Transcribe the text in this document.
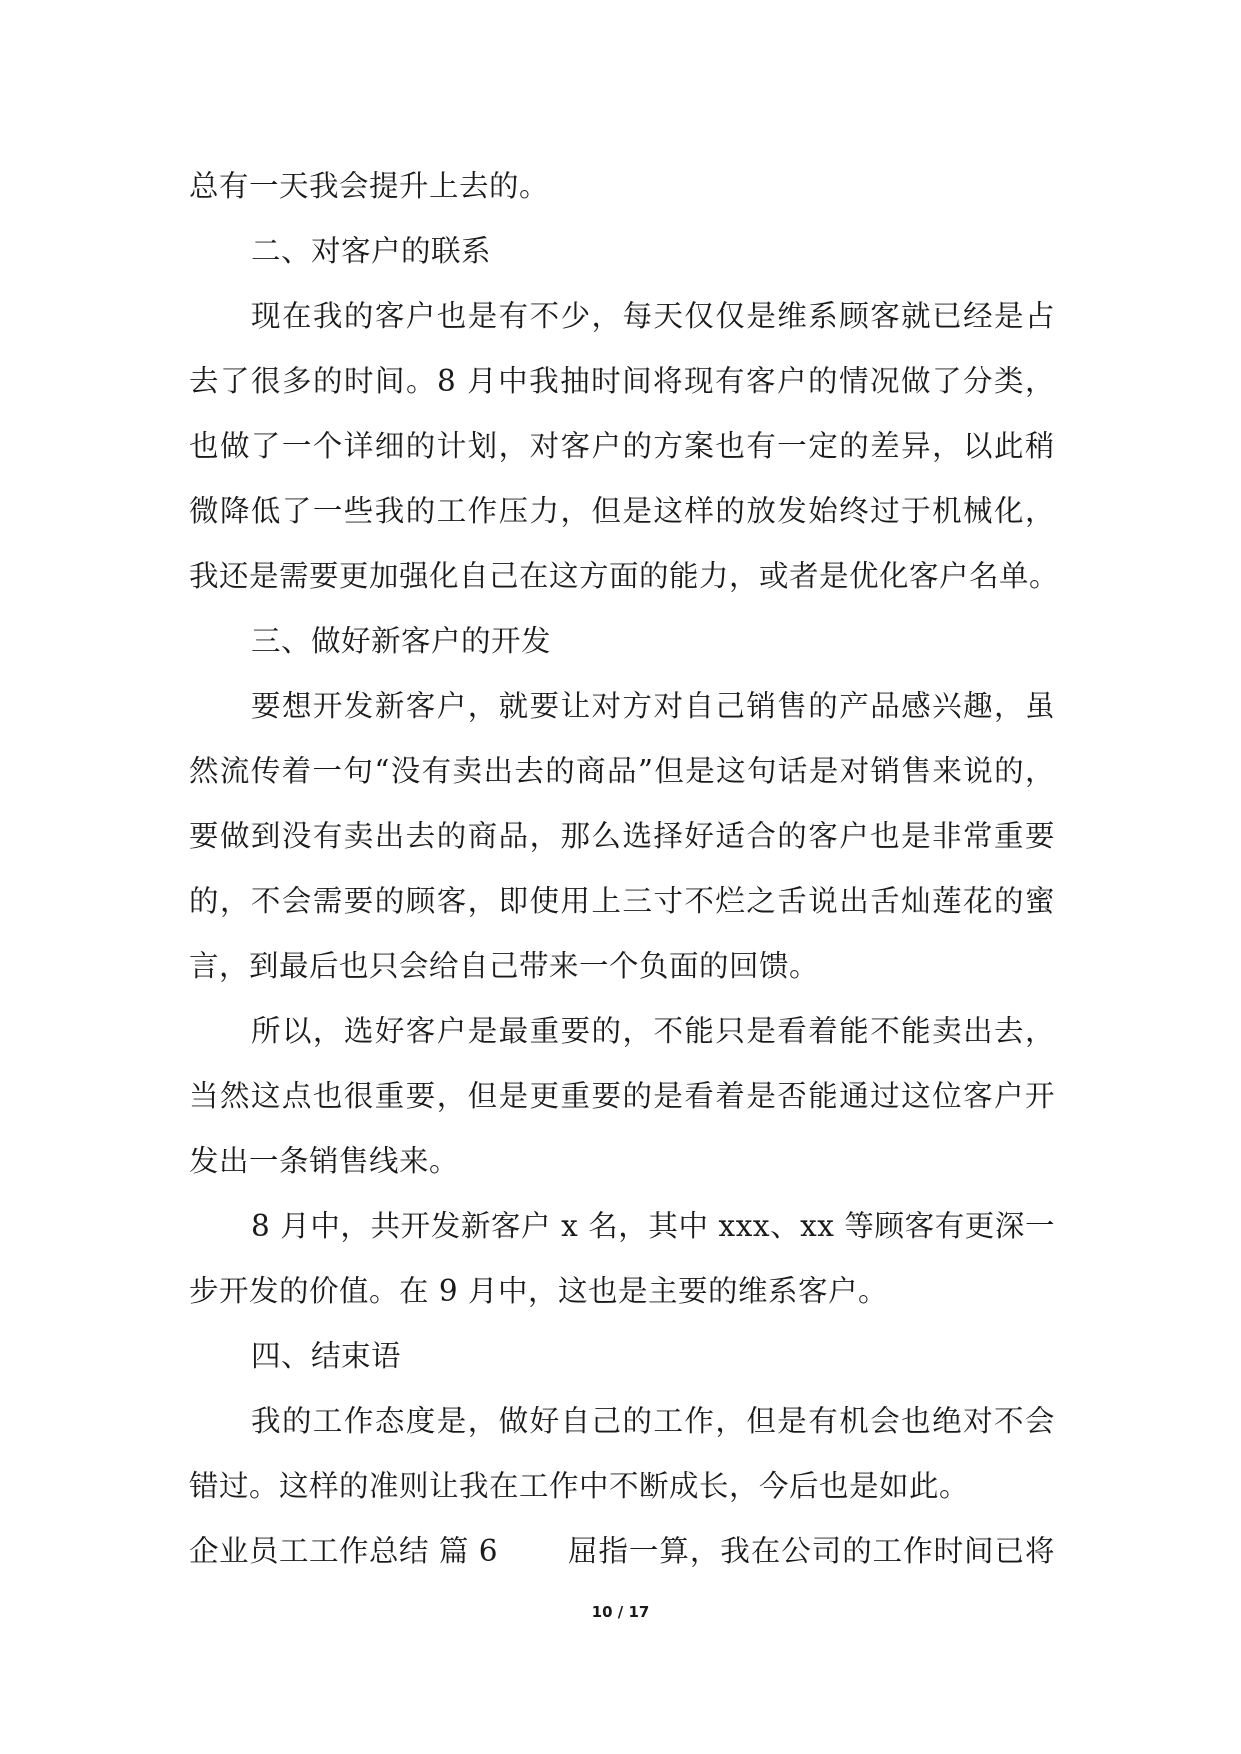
总有一天我会提升上去的。
二、对客户的联系
现在我的客户也是有不少，每天仅仅是维系顾客就已经是占
去了很多的时间。8 月中我抽时间将现有客户的情况做了分类，
也做了一个详细的计划，对客户的方案也有一定的差异，以此稍
微降低了一些我的工作压力，但是这样的放发始终过于机械化，
我还是需要更加强化自己在这方面的能力，或者是优化客户名单。
三、做好新客户的开发
要想开发新客户，就要让对方对自己销售的产品感兴趣，虽
然流传着一句“没有卖出去的商品”但是这句话是对销售来说的，
要做到没有卖出去的商品，那么选择好适合的客户也是非常重要
的，不会需要的顾客，即使用上三寸不烂之舌说出舌灿莲花的蜜
言，到最后也只会给自己带来一个负面的回馈。
所以，选好客户是最重要的，不能只是看着能不能卖出去，
当然这点也很重要，但是更重要的是看着是否能通过这位客户开
发出一条销售线来。
8 月中，共开发新客户 x 名，其中 xxx、xx 等顾客有更深一
步开发的价值。在 9 月中，这也是主要的维系客户。
四、结束语
我的工作态度是，做好自己的工作，但是有机会也绝对不会
错过。这样的准则让我在工作中不断成长，今后也是如此。
企业员工工作总结 篇 6 屈指一算，我在公司的工作时间已将
10 / 17
